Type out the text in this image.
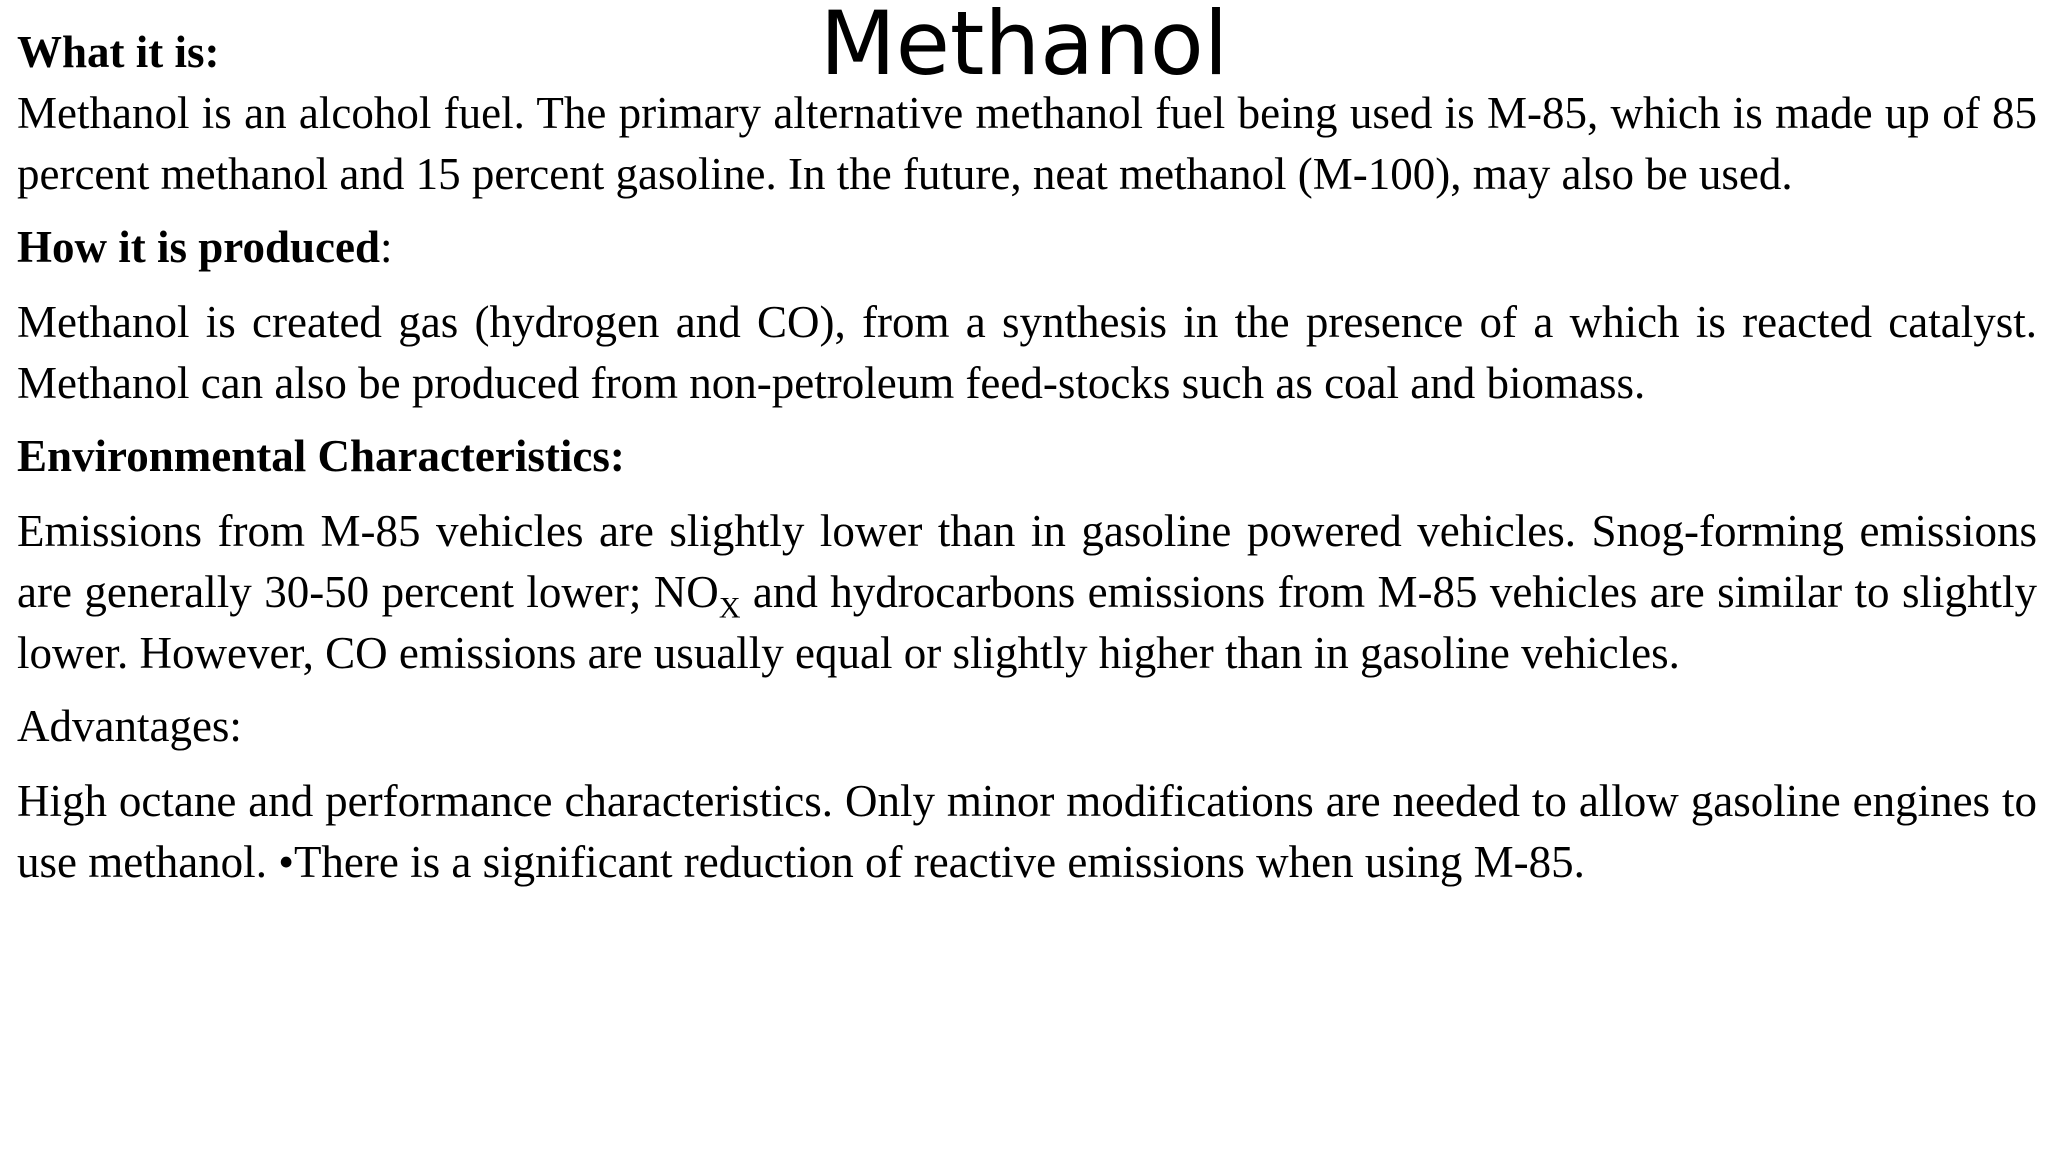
Methanol

What it is:

Methanol is an alcohol fuel. The primary alternative methanol fuel being used is M-85, which is made up of 85 percent methanol and 15 percent gasoline. In the future, neat methanol (M-100), may also be used.

How it is produced:

Methanol is created gas (hydrogen and CO), from a synthesis in the presence of a which is reacted catalyst. Methanol can also be produced from non-petroleum feed-stocks such as coal and biomass.

Environmental Characteristics:

Emissions from M-85 vehicles are slightly lower than in gasoline powered vehicles. Snog-forming emissions are generally 30-50 percent lower; $NO_X$ and hydrocarbons emissions from M-85 vehicles are similar to slightly lower. However, CO emissions are usually equal or slightly higher than in gasoline vehicles.

Advantages:

High octane and performance characteristics. Only minor modifications are needed to allow gasoline engines to use methanol. •There is a significant reduction of reactive emissions when using M-85.
